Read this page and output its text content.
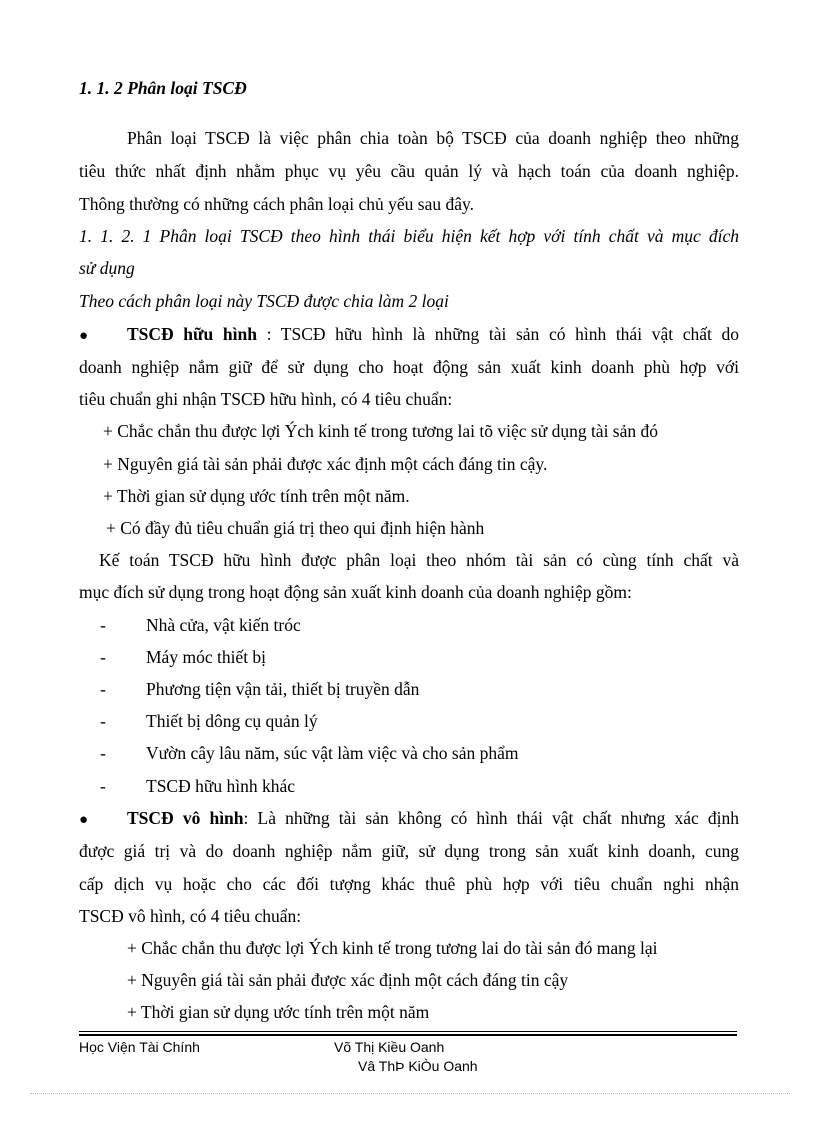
1. 1. 2 Phân loại TSCĐ
Phân loại TSCĐ là việc phân chia toàn bộ TSCĐ của doanh nghiệp theo những
tiêu thức nhất định nhằm phục vụ yêu cầu quản lý và hạch toán của doanh nghiệp.
Thông thường có những cách phân loại chủ yếu sau đây.
1. 1. 2. 1 Phân loại TSCĐ theo hình thái biểu hiện kết hợp với tính chất và mục đích
sử dụng
Theo cách phân loại này TSCĐ được chia làm 2 loại
● TSCĐ hữu hình : TSCĐ hữu hình là những tài sản có hình thái vật chất do
doanh nghiệp nắm giữ để sử dụng cho hoạt động sản xuất kinh doanh phù hợp với
tiêu chuẩn ghi nhận TSCĐ hữu hình, có 4 tiêu chuẩn:
+ Chắc chắn thu được lợi Ých kinh tế trong tương lai tõ việc sử dụng tài sản đó
+ Nguyên giá tài sản phải được xác định một cách đáng tin cậy.
+ Thời gian sử dụng ước tính trên một năm.
+ Có đầy đủ tiêu chuẩn giá trị theo qui định hiện hành
Kế toán TSCĐ hữu hình được phân loại theo nhóm tài sản có cùng tính chất và
mục đích sử dụng trong hoạt động sản xuất kinh doanh của doanh nghiệp gồm:
- Nhà cửa, vật kiến tróc
- Máy móc thiết bị
- Phương tiện vận tải, thiết bị truyền dẫn
- Thiết bị dông cụ quản lý
- Vườn cây lâu năm, súc vật làm việc và cho sản phẩm
- TSCĐ hữu hình khác
● TSCĐ vô hình: Là những tài sản không có hình thái vật chất nhưng xác định
được giá trị và do doanh nghiệp nắm giữ, sử dụng trong sản xuất kinh doanh, cung
cấp dịch vụ hoặc cho các đối tượng khác thuê phù hợp với tiêu chuẩn nghi nhận
TSCĐ vô hình, có 4 tiêu chuẩn:
+ Chắc chắn thu được lợi Ých kinh tế trong tương lai do tài sản đó mang lại
+ Nguyên giá tài sản phải được xác định một cách đáng tin cậy
+ Thời gian sử dụng ước tính trên một năm
Học Viện Tài Chính	Võ Thị Kiều Oanh
Vâ ThÞ KiÒu Oanh
